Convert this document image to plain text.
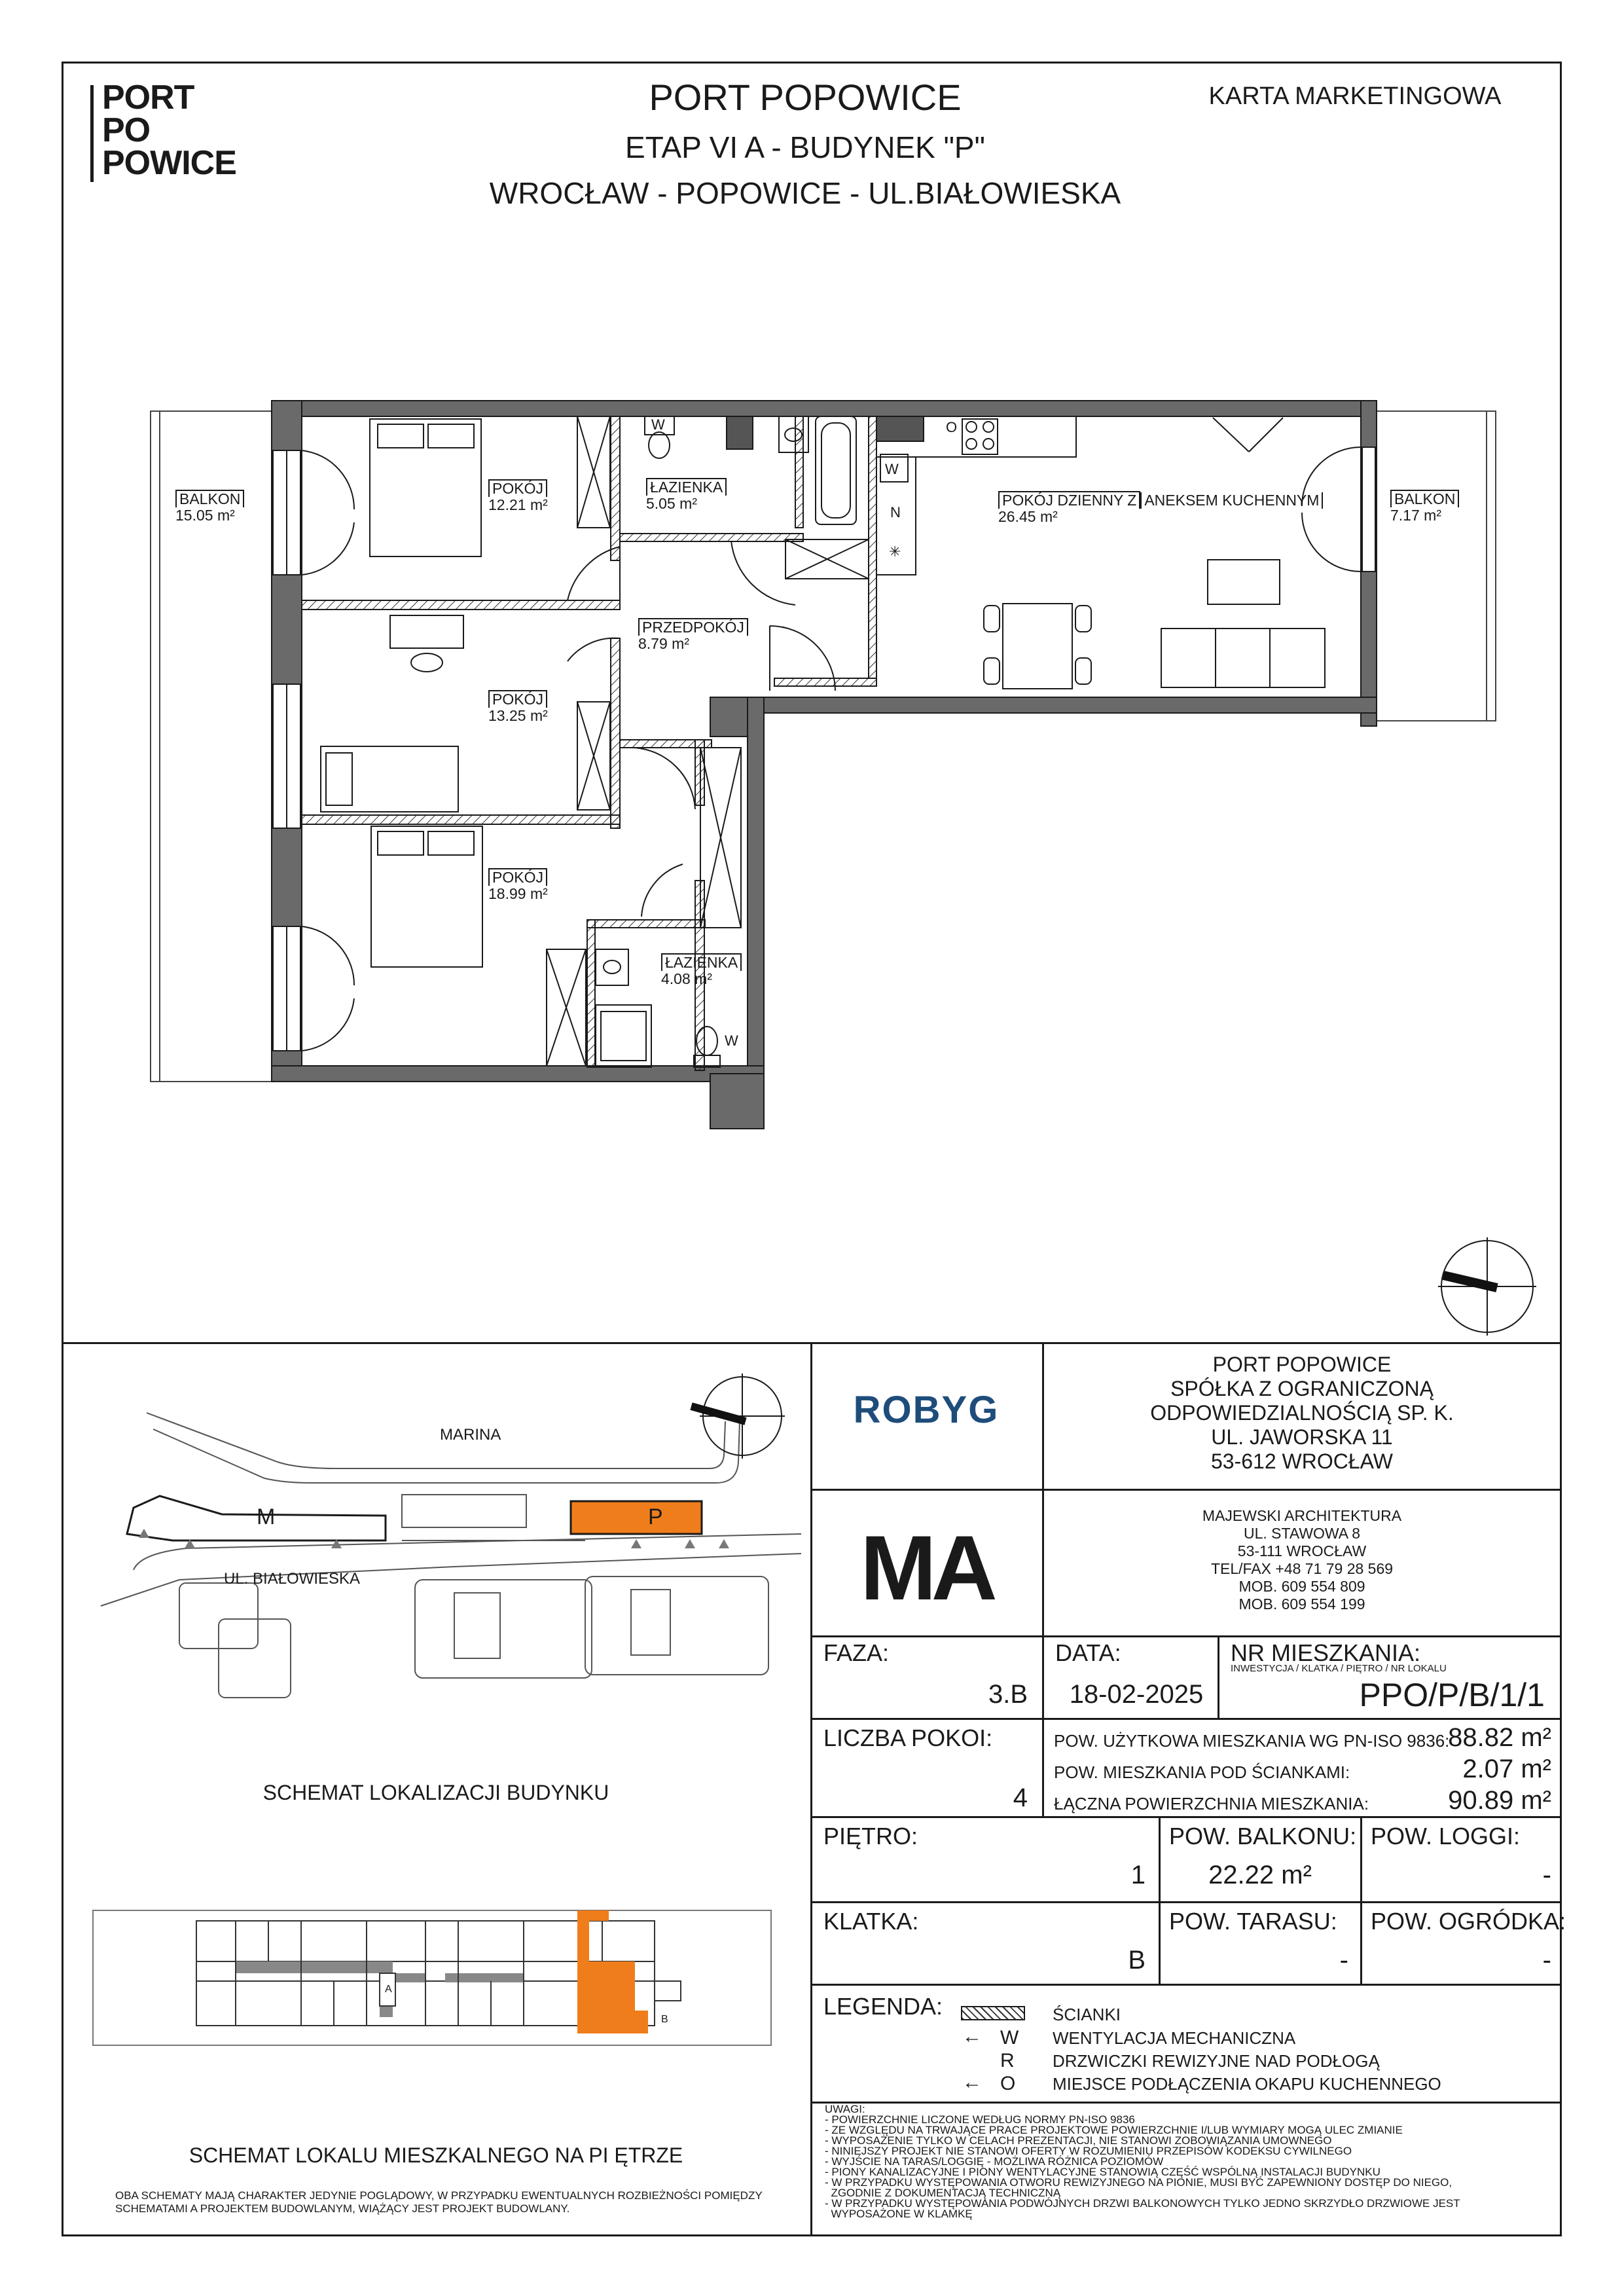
PORT
PO
POWICE
PORT POPOWICE
ETAP VI A - BUDYNEK "P"
WROCŁAW - POPOWICE - UL.BIAŁOWIESKA
KARTA MARKETINGOWA
BALKON
15.05 m²
POKÓJ
12.21 m²
ŁAZIENKA
5.05 m²	POKÓJ DZIENNY Z ANEKSEM KUCHENNYM
26.45 m²
BALKON
7.17 m²
PRZEDPOKÓJ
8.79 m²
POKÓJ
13.25 m²
POKÓJ
18.99 m²
ŁAZIENKA
4.08 m²
W	O
W
N
✳
W
ROBYG
PORT POPOWICE
SPÓŁKA Z OGRANICZONĄ
ODPOWIEDZIALNOŚCIĄ SP. K.
UL. JAWORSKA 11
53-612 WROCŁAW
MA
MAJEWSKI ARCHITEKTURA
UL. STAWOWA 8
53-111 WROCŁAW
TEL/FAX +48 71 79 28 569
MOB. 609 554 809
MOB. 609 554 199
FAZA:
3.B
DATA:
18-02-2025
NR MIESZKANIA:
INWESTYCJA / KLATKA / PIĘTRO / NR LOKALU
PPO/P/B/1/1
LICZBA POKOI:
4
POW. UŻYTKOWA MIESZKANIA WG PN-ISO 9836:
88.82 m²
POW. MIESZKANIA POD ŚCIANKAMI:	2.07 m²
ŁĄCZNA POWIERZCHNIA MIESZKANIA:	90.89 m²
PIĘTRO:
1
POW. BALKONU:
22.22 m²
POW. LOGGI:
-
KLATKA:
B
POW. TARASU:
-
POW. OGRÓDKA:
-
LEGENDA:	ŚCIANKI
← W WENTYLACJA MECHANICZNA
R DRZWICZKI REWIZYJNE NAD PODŁOGĄ
← O MIEJSCE PODŁĄCZENIA OKAPU KUCHENNEGO
UWAGI:
- POWIERZCHNIE LICZONE WEDŁUG NORMY PN-ISO 9836
- ZE WZGLĘDU NA TRWAJĄCE PRACE PROJEKTOWE POWIERZCHNIE I/LUB WYMIARY MOGĄ ULEC ZMIANIE
- WYPOSAŻENIE TYLKO W CELACH PREZENTACJI, NIE STANOWI ZOBOWIĄZANIA UMOWNEGO
- NINIEJSZY PROJEKT NIE STANOWI OFERTY W ROZUMIENIU PRZEPISÓW KODEKSU CYWILNEGO
- WYJŚCIE NA TARAS/LOGGIĘ - MOŻLIWA RÓŻNICA POZIOMÓW
- PIONY KANALIZACYJNE I PIONY WENTYLACYJNE STANOWIĄ CZĘŚĆ WSPÓLNĄ INSTALACJI BUDYNKU
- W PRZYPADKU WYSTĘPOWANIA OTWORU REWIZYJNEGO NA PIONIE, MUSI BYĆ ZAPEWNIONY DOSTĘP DO NIEGO,
ZGODNIE Z DOKUMENTACJĄ TECHNICZNĄ
- W PRZYPADKU WYSTĘPOWANIA PODWÓJNYCH DRZWI BALKONOWYCH TYLKO JEDNO SKRZYDŁO DRZWIOWE JEST
WYPOSAŻONE W KLAMKĘ
MARINA
UL. BIAŁOWIESKA
M	P
SCHEMAT LOKALIZACJI BUDYNKU
A
B
SCHEMAT LOKALU MIESZKALNEGO NA PI ĘTRZE
OBA SCHEMATY MAJĄ CHARAKTER JEDYNIE POGLĄDOWY, W PRZYPADKU EWENTUALNYCH ROZBIEŻNOŚCI POMIĘDZY
SCHEMATAMI A PROJEKTEM BUDOWLANYM, WIĄŻĄCY JEST PROJEKT BUDOWLANY.
